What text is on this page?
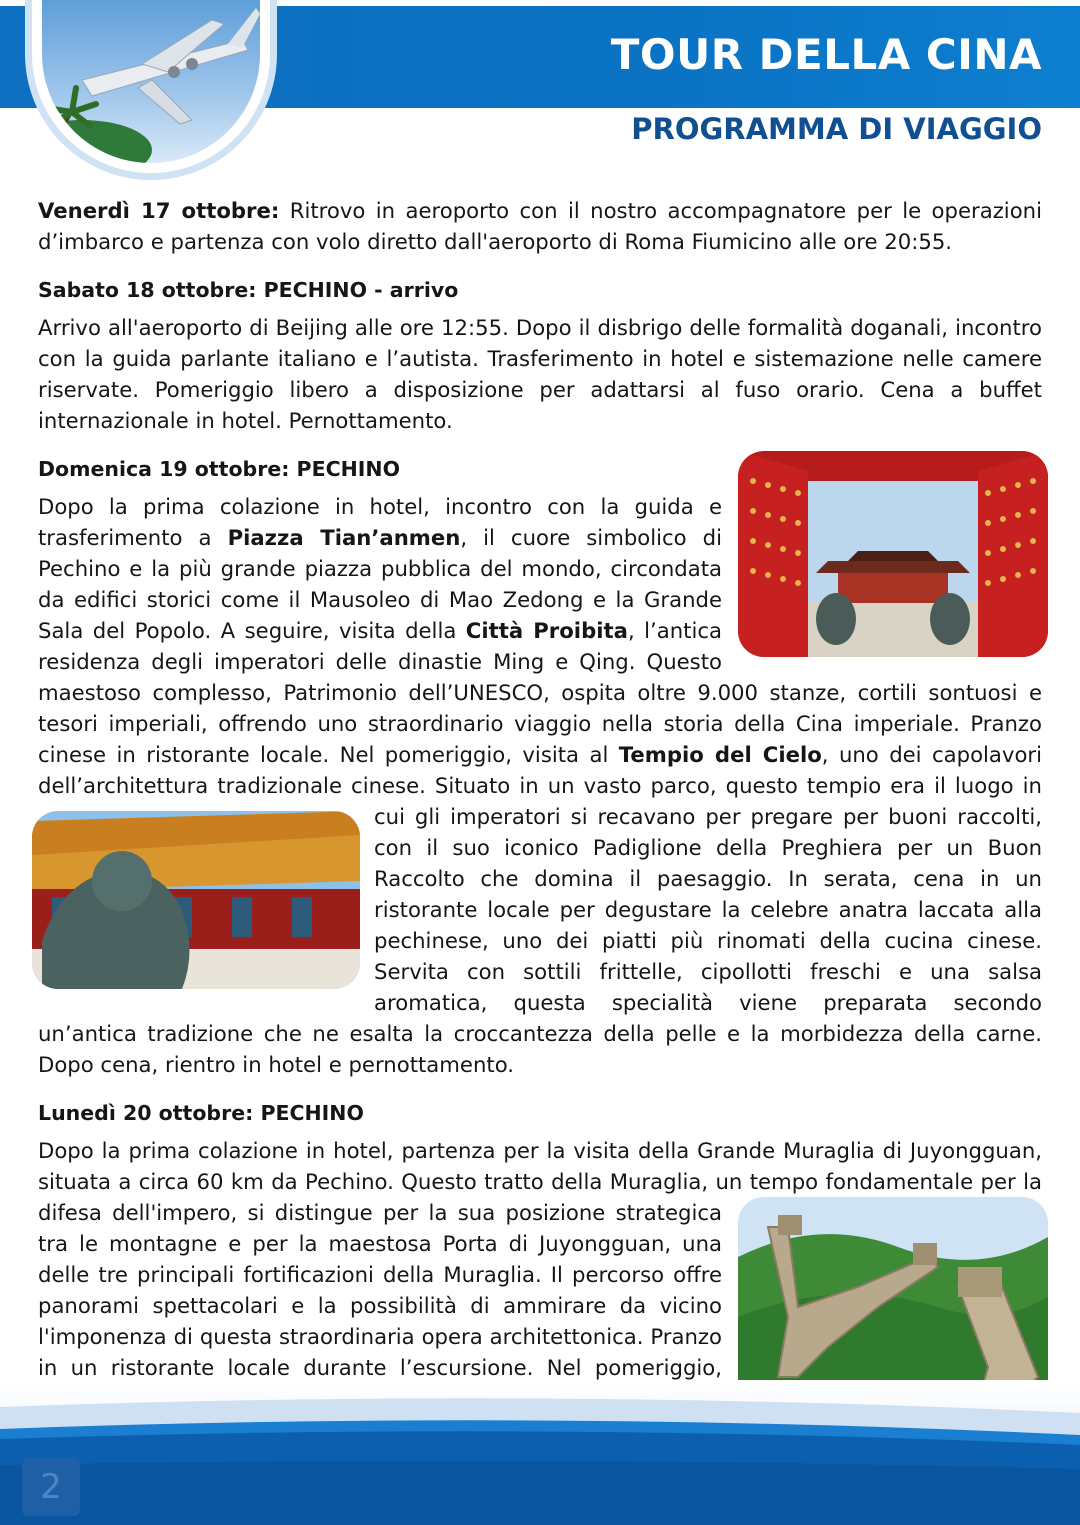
TOUR DELLA CINA
PROGRAMMA DI VIAGGIO

Venerdì 17 ottobre: Ritrovo in aeroporto con il nostro accompagnatore per le operazioni d’imbarco e partenza con volo diretto dall'aeroporto di Roma Fiumicino alle ore 20:55.

Sabato 18 ottobre: PECHINO - arrivo

Arrivo all'aeroporto di Beijing alle ore 12:55. Dopo il disbrigo delle formalità doganali, incontro con la guida parlante italiano e l’autista. Trasferimento in hotel e sistemazione nelle camere riservate. Pomeriggio libero a disposizione per adattarsi al fuso orario. Cena a buffet internazionale in hotel. Pernottamento.

Domenica 19 ottobre: PECHINO

Dopo la prima colazione in hotel, incontro con la guida e trasferimento a Piazza Tian’anmen, il cuore simbolico di Pechino e la più grande piazza pubblica del mondo, circondata da edifici storici come il Mausoleo di Mao Zedong e la Grande Sala del Popolo. A seguire, visita della Città Proibita, l’antica residenza degli imperatori delle dinastie Ming e Qing. Questo maestoso complesso, Patrimonio dell’UNESCO, ospita oltre 9.000 stanze, cortili sontuosi e tesori imperiali, offrendo uno straordinario viaggio nella storia della Cina imperiale. Pranzo cinese in ristorante locale. Nel pomeriggio, visita al Tempio del Cielo, uno dei capolavori dell’architettura tradizionale cinese. Situato in un vasto parco, questo tempio era il luogo in cui gli imperatori si recavano per pregare
per buoni raccolti, con il suo iconico Padiglione della Preghiera per un Buon Raccolto che domina il paesaggio. In serata, cena in un ristorante locale per degustare la celebre anatra laccata alla pechinese, uno dei piatti più rinomati della cucina cinese. Servita con sottili frittelle, cipollotti freschi e una salsa aromatica, questa specialità viene preparata secondo un’antica tradizione che ne esalta la croccantezza della pelle e la morbidezza della carne. Dopo cena, rientro in hotel e pernottamento.

Lunedì 20 ottobre: PECHINO

Dopo la prima colazione in hotel, partenza per la visita della Grande Muraglia di Juyongguan, situata a circa 60 km da Pechino. Questo tratto della Muraglia, un tempo fondamentale per la
difesa dell'impero, si distingue per la sua posizione strategica tra le montagne e per la maestosa Porta di Juyongguan, una delle tre principali fortificazioni della Muraglia. Il percorso offre panorami spettacolari e la possibilità di ammirare da vicino l'imponenza di questa straordinaria opera architettonica. Pranzo in un ristorante locale durante l’escursione. Nel pomeriggio,

2
